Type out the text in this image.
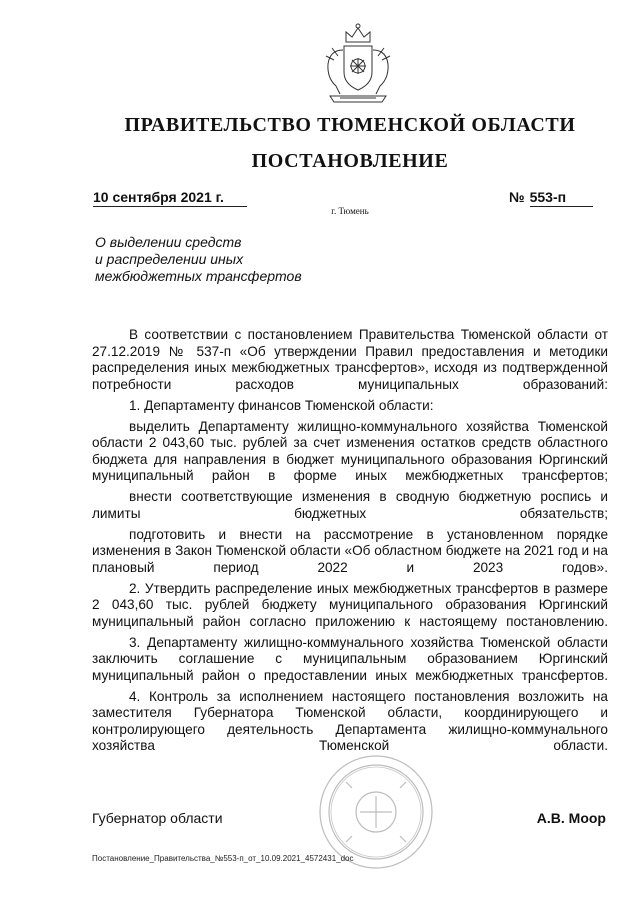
ПРАВИТЕЛЬСТВО ТЮМЕНСКОЙ ОБЛАСТИ
ПОСТАНОВЛЕНИЕ
10 сентября 2021 г.	№ 553-п
г. Тюмень
О выделении средств
и распределении иных
межбюджетных трансфертов

В соответствии с постановлением Правительства Тюменской области от 27.12.2019 № 537-п «Об утверждении Правил предоставления и методики распределения иных межбюджетных трансфертов», исходя из подтвержденной потребности расходов муниципальных образований:

1. Департаменту финансов Тюменской области:

выделить Департаменту жилищно-коммунального хозяйства Тюменской области 2 043,60 тыс. рублей за счет изменения остатков средств областного бюджета для направления в бюджет муниципального образования Юргинский муниципальный район в форме иных межбюджетных трансфертов;

внести соответствующие изменения в сводную бюджетную роспись и лимиты бюджетных обязательств;

подготовить и внести на рассмотрение в установленном порядке изменения в Закон Тюменской области «Об областном бюджете на 2021 год и на плановый период 2022 и 2023 годов».

2. Утвердить распределение иных межбюджетных трансфертов в размере 2 043,60 тыс. рублей бюджету муниципального образования Юргинский муниципальный район согласно приложению к настоящему постановлению.

3. Департаменту жилищно-коммунального хозяйства Тюменской области заключить соглашение с муниципальным образованием Юргинский муниципальный район о предоставлении иных межбюджетных трансфертов.

4. Контроль за исполнением настоящего постановления возложить на заместителя Губернатора Тюменской области, координирующего и контролирующего деятельность Департамента жилищно-коммунального хозяйства Тюменской области.

Губернатор области	А.В. Моор
Постановление_Правительства_№553-п_от_10.09.2021_4572431_doc
